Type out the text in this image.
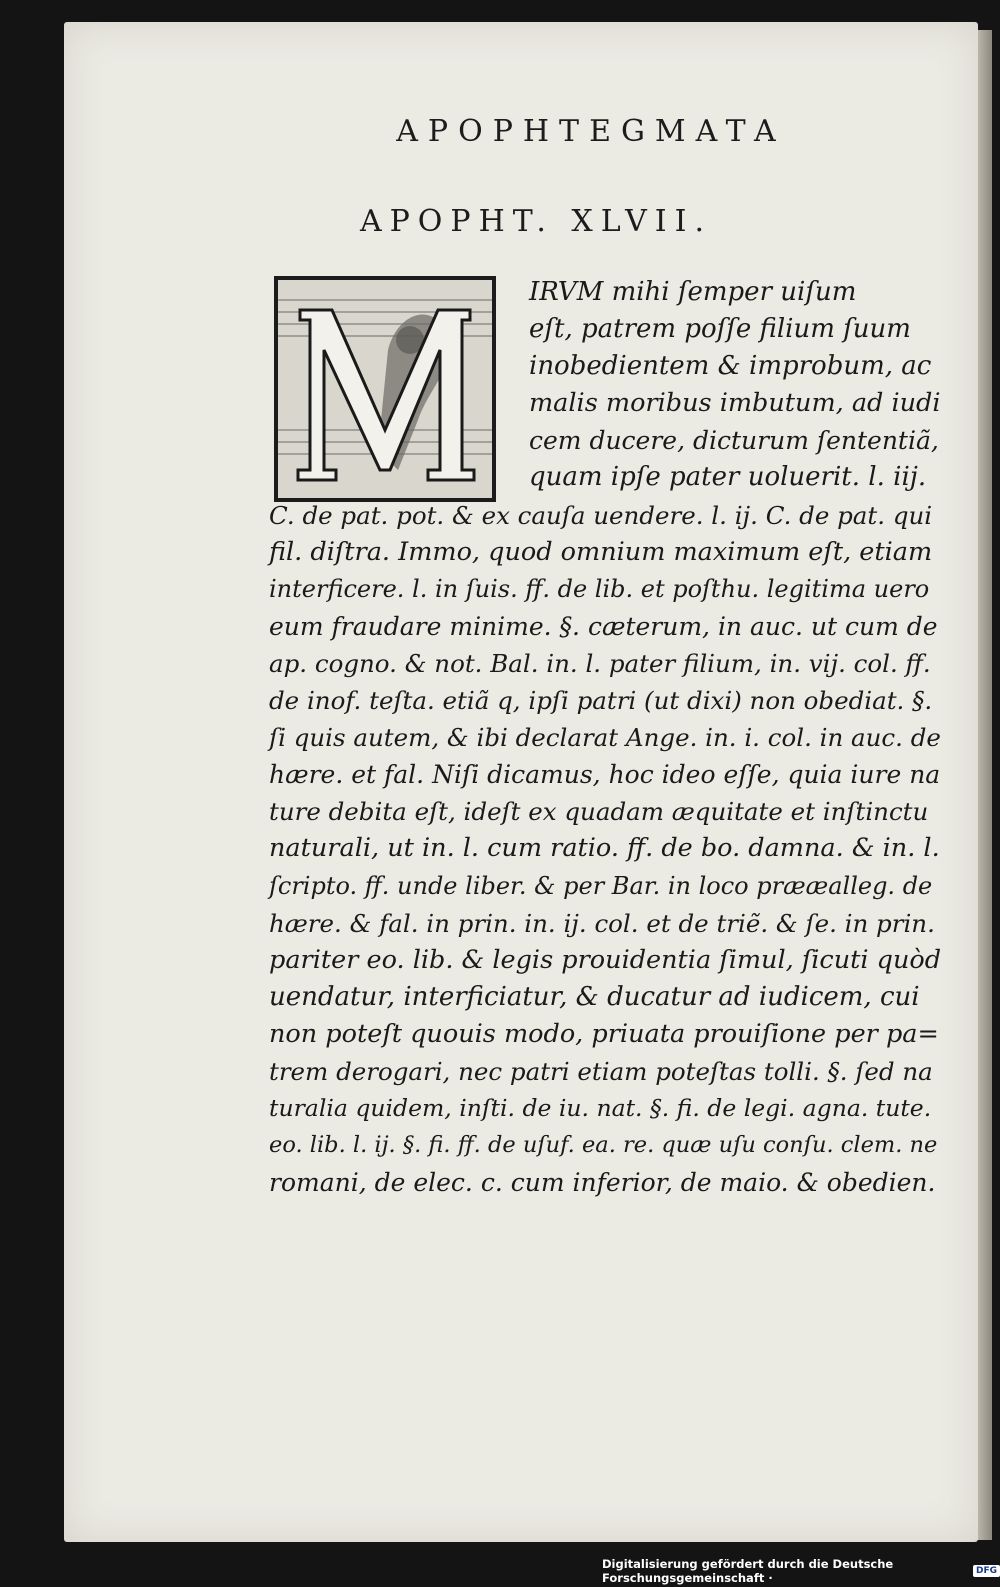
APOPHTEGMATA
APOPHT. XLVII.
IRVM mihi ſemper uiſum
eſt, patrem poſſe filium ſuum
inobedientem & improbum, ac
malis moribus imbutum, ad iudi
cem ducere, dicturum ſententiã,
quam ipſe pater uoluerit. l. iij.
C. de pat. pot. & ex cauſa uendere. l. ij. C. de pat. qui
fil. diſtra. Immo, quod omnium maximum eſt, etiam
interficere. l. in ſuis. ff. de lib. et poſthu. legitima uero
eum fraudare minime. §. cæterum, in auc. ut cum de
ap. cogno. & not. Bal. in. l. pater filium, in. vij. col. ff.
de inof. teſta. etiã q, ipſi patri (ut dixi) non obediat. §.
ſi quis autem, & ibi declarat Ange. in. i. col. in auc. de
hære. et fal. Niſi dicamus, hoc ideo eſſe, quia iure na
ture debita eſt, ideſt ex quadam æquitate et inſtinctu
naturali, ut in. l. cum ratio. ff. de bo. damna. & in. l.
ſcripto. ff. unde liber. & per Bar. in loco prææalleg. de
hære. & fal. in prin. in. ij. col. et de triẽ. & ſe. in prin.
pariter eo. lib. & legis prouidentia ſimul, ſicuti quòd
uendatur, interficiatur, & ducatur ad iudicem, cui
non poteſt quouis modo, priuata prouiſione per pa=
trem derogari, nec patri etiam poteſtas tolli. §. ſed na
turalia quidem, inſti. de iu. nat. §. fi. de legi. agna. tute.
eo. lib. l. ij. §. fi. ff. de uſuf. ea. re. quæ uſu conſu. clem. ne
romani, de elec. c. cum inferior, de maio. & obedien.
Digitalisierung gefördert durch die Deutsche Forschungsgemeinschaft ·	DFG
